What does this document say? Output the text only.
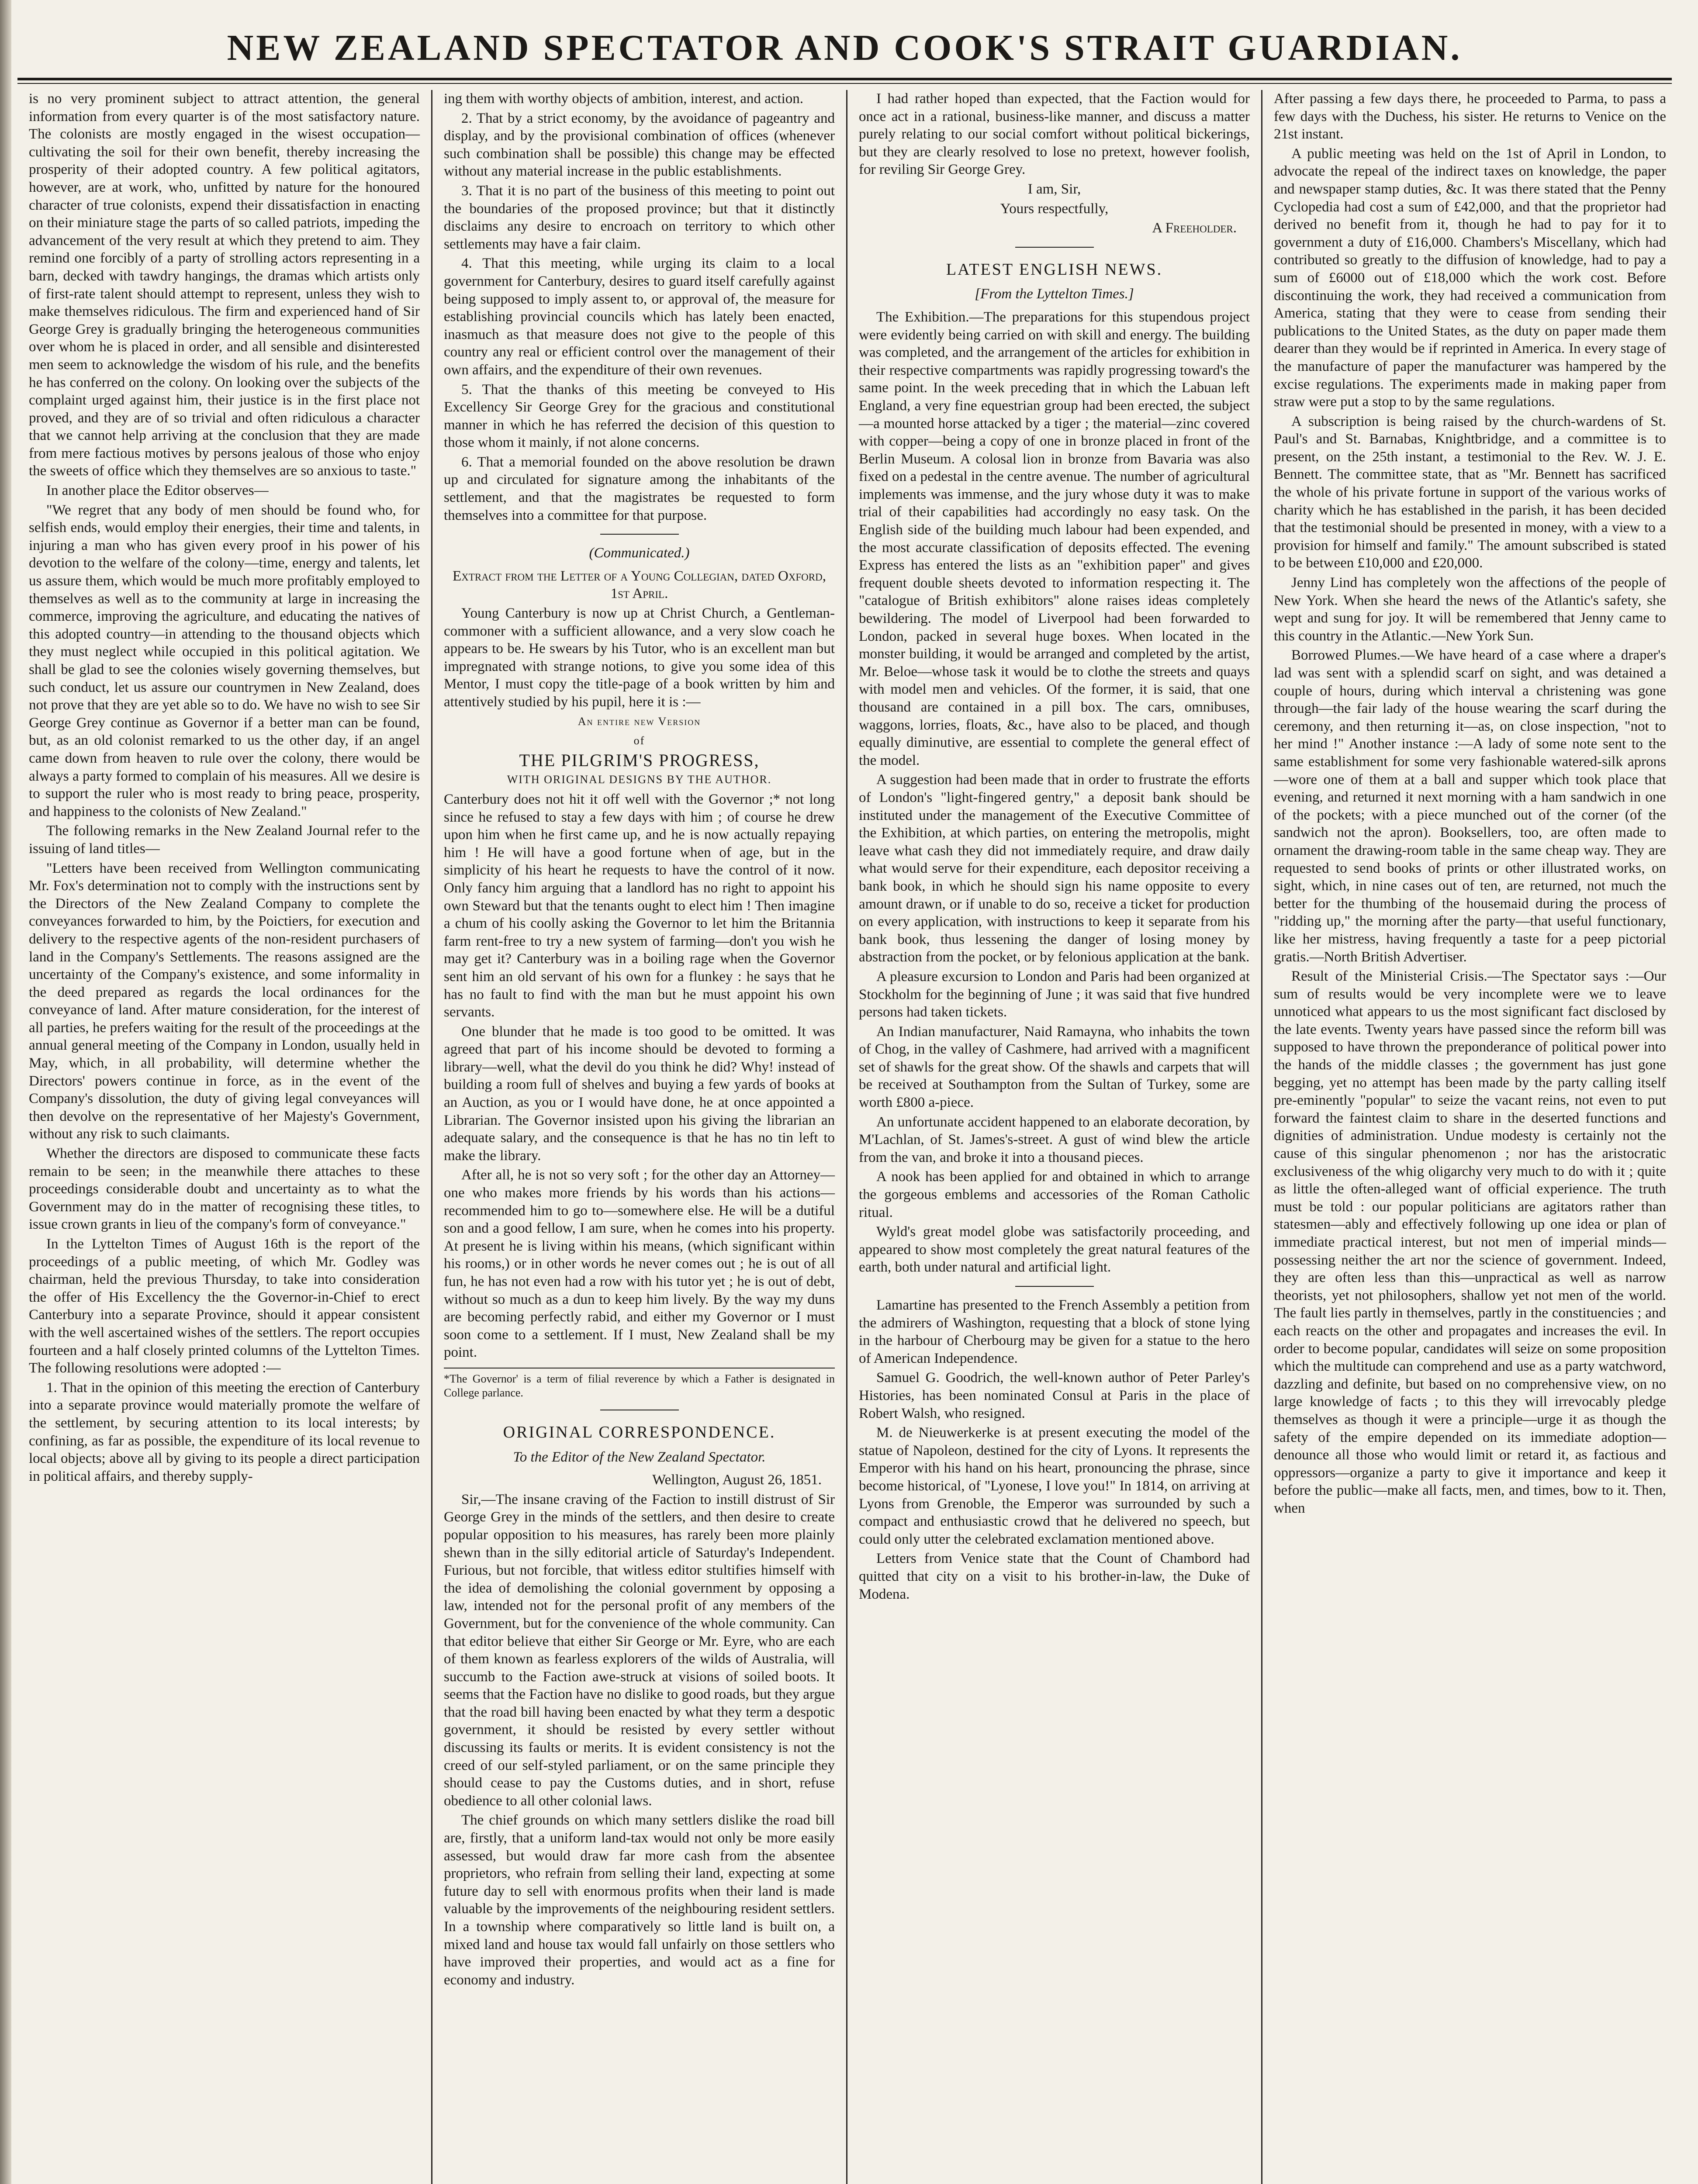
NEW ZEALAND SPECTATOR AND COOK'S STRAIT GUARDIAN.

is no very prominent subject to attract attention, the general information from every quarter is of the most satisfactory nature. The colonists are mostly engaged in the wisest occupation—cultivating the soil for their own benefit, thereby increasing the prosperity of their adopted country. A few political agitators, however, are at work, who, unfitted by nature for the honoured character of true colonists, expend their dissatisfaction in enacting on their miniature stage the parts of so called patriots, impeding the advancement of the very result at which they pretend to aim. They remind one forcibly of a party of strolling actors representing in a barn, decked with tawdry hangings, the dramas which artists only of first-rate talent should attempt to represent, unless they wish to make themselves ridiculous. The firm and experienced hand of Sir George Grey is gradually bringing the heterogeneous communities over whom he is placed in order, and all sensible and disinterested men seem to acknowledge the wisdom of his rule, and the benefits he has conferred on the colony. On looking over the subjects of the complaint urged against him, their justice is in the first place not proved, and they are of so trivial and often ridiculous a character that we cannot help arriving at the conclusion that they are made from mere factious motives by persons jealous of those who enjoy the sweets of office which they themselves are so anxious to taste."

In another place the Editor observes—

"We regret that any body of men should be found who, for selfish ends, would employ their energies, their time and talents, in injuring a man who has given every proof in his power of his devotion to the welfare of the colony—time, energy and talents, let us assure them, which would be much more profitably employed to themselves as well as to the community at large in increasing the commerce, improving the agriculture, and educating the natives of this adopted country—in attending to the thousand objects which they must neglect while occupied in this political agitation. We shall be glad to see the colonies wisely governing themselves, but such conduct, let us assure our countrymen in New Zealand, does not prove that they are yet able so to do. We have no wish to see Sir George Grey continue as Governor if a better man can be found, but, as an old colonist remarked to us the other day, if an angel came down from heaven to rule over the colony, there would be always a party formed to complain of his measures. All we desire is to support the ruler who is most ready to bring peace, prosperity, and happiness to the colonists of New Zealand."

The following remarks in the New Zealand Journal refer to the issuing of land titles—

"Letters have been received from Wellington communicating Mr. Fox's determination not to comply with the instructions sent by the Directors of the New Zealand Company to complete the conveyances forwarded to him, by the Poictiers, for execution and delivery to the respective agents of the non-resident purchasers of land in the Company's Settlements. The reasons assigned are the uncertainty of the Company's existence, and some informality in the deed prepared as regards the local ordinances for the conveyance of land. After mature consideration, for the interest of all parties, he prefers waiting for the result of the proceedings at the annual general meeting of the Company in London, usually held in May, which, in all probability, will determine whether the Directors' powers continue in force, as in the event of the Company's dissolution, the duty of giving legal conveyances will then devolve on the representative of her Majesty's Government, without any risk to such claimants.

Whether the directors are disposed to communicate these facts remain to be seen; in the meanwhile there attaches to these proceedings considerable doubt and uncertainty as to what the Government may do in the matter of recognising these titles, to issue crown grants in lieu of the company's form of conveyance."

In the Lyttelton Times of August 16th is the report of the proceedings of a public meeting, of which Mr. Godley was chairman, held the previous Thursday, to take into consideration the offer of His Excellency the the Governor-in-Chief to erect Canterbury into a separate Province, should it appear consistent with the well ascertained wishes of the settlers. The report occupies fourteen and a half closely printed columns of the Lyttelton Times. The following resolutions were adopted :—

1. That in the opinion of this meeting the erection of Canterbury into a separate province would materially promote the welfare of the settlement, by securing attention to its local interests; by confining, as far as possible, the expenditure of its local revenue to local objects; above all by giving to its people a direct participation in political affairs, and thereby supply-

ing them with worthy objects of ambition, interest, and action.
2. That by a strict economy, by the avoidance of pageantry and display, and by the provisional combination of offices (whenever such combination shall be possible) this change may be effected without any material increase in the public establishments.
3. That it is no part of the business of this meeting to point out the boundaries of the proposed province; but that it distinctly disclaims any desire to encroach on territory to which other settlements may have a fair claim.
4. That this meeting, while urging its claim to a local government for Canterbury, desires to guard itself carefully against being supposed to imply assent to, or approval of, the measure for establishing provincial councils which has lately been enacted, inasmuch as that measure does not give to the people of this country any real or efficient control over the management of their own affairs, and the expenditure of their own revenues.
5. That the thanks of this meeting be conveyed to His Excellency Sir George Grey for the gracious and constitutional manner in which he has referred the decision of this question to those whom it mainly, if not alone concerns.
6. That a memorial founded on the above resolution be drawn up and circulated for signature among the inhabitants of the settlement, and that the magistrates be requested to form themselves into a committee for that purpose.
(Communicated.)

Extract from the Letter of a Young Collegian, dated Oxford, 1st April.

Young Canterbury is now up at Christ Church, a Gentleman-commoner with a sufficient allowance, and a very slow coach he appears to be. He swears by his Tutor, who is an excellent man but impregnated with strange notions, to give you some idea of this Mentor, I must copy the title-page of a book written by him and attentively studied by his pupil, here it is :—

An entire new Version
of
THE PILGRIM'S PROGRESS,
WITH ORIGINAL DESIGNS BY THE AUTHOR.

Canterbury does not hit it off well with the Governor ;* not long since he refused to stay a few days with him ; of course he drew upon him when he first came up, and he is now actually repaying him ! He will have a good fortune when of age, but in the simplicity of his heart he requests to have the control of it now. Only fancy him arguing that a landlord has no right to appoint his own Steward but that the tenants ought to elect him ! Then imagine a chum of his coolly asking the Governor to let him the Britannia farm rent-free to try a new system of farming—don't you wish he may get it? Canterbury was in a boiling rage when the Governor sent him an old servant of his own for a flunkey : he says that he has no fault to find with the man but he must appoint his own servants.

One blunder that he made is too good to be omitted. It was agreed that part of his income should be devoted to forming a library—well, what the devil do you think he did? Why! instead of building a room full of shelves and buying a few yards of books at an Auction, as you or I would have done, he at once appointed a Librarian. The Governor insisted upon his giving the librarian an adequate salary, and the consequence is that he has no tin left to make the library.

After all, he is not so very soft ; for the other day an Attorney—one who makes more friends by his words than his actions—recommended him to go to—somewhere else. He will be a dutiful son and a good fellow, I am sure, when he comes into his property. At present he is living within his means, (which significant within his rooms,) or in other words he never comes out ; he is out of all fun, he has not even had a row with his tutor yet ; he is out of debt, without so much as a dun to keep him lively. By the way my duns are becoming perfectly rabid, and either my Governor or I must soon come to a settlement. If I must, New Zealand shall be my point.

*The Governor' is a term of filial reverence by which a Father is designated in College parlance.
ORIGINAL CORRESPONDENCE.
To the Editor of the New Zealand Spectator.

Wellington, August 26, 1851.

Sir,—The insane craving of the Faction to instill distrust of Sir George Grey in the minds of the settlers, and then desire to create popular opposition to his measures, has rarely been more plainly shewn than in the silly editorial article of Saturday's Independent. Furious, but not forcible, that witless editor stultifies himself with the idea of demolishing the colonial government by opposing a law, intended not for the personal profit of any members of the Government, but for the convenience of the whole community. Can that editor believe that either Sir George or Mr. Eyre, who are each of them known as fearless explorers of the wilds of Australia, will succumb to the Faction awe-struck at visions of soiled boots. It seems that the Faction have no dislike to good roads, but they argue that the road bill having been enacted by what they term a despotic government, it should be resisted by every settler without discussing its faults or merits. It is evident consistency is not the creed of our self-styled parliament, or on the same principle they should cease to pay the Customs duties, and in short, refuse obedience to all other colonial laws.

The chief grounds on which many settlers dislike the road bill are, firstly, that a uniform land-tax would not only be more easily assessed, but would draw far more cash from the absentee proprietors, who refrain from selling their land, expecting at some future day to sell with enormous profits when their land is made valuable by the improvements of the neighbouring resident settlers. In a township where comparatively so little land is built on, a mixed land and house tax would fall unfairly on those settlers who have improved their properties, and would act as a fine for economy and industry.

I had rather hoped than expected, that the Faction would for once act in a rational, business-like manner, and discuss a matter purely relating to our social comfort without political bickerings, but they are clearly resolved to lose no pretext, however foolish, for reviling Sir George Grey.

I am, Sir,

Yours respectfully,

A Freeholder.

LATEST ENGLISH NEWS.
[From the Lyttelton Times.]

The Exhibition.—The preparations for this stupendous project were evidently being carried on with skill and energy. The building was completed, and the arrangement of the articles for exhibition in their respective compartments was rapidly progressing toward's the same point. In the week preceding that in which the Labuan left England, a very fine equestrian group had been erected, the subject—a mounted horse attacked by a tiger ; the material—zinc covered with copper—being a copy of one in bronze placed in front of the Berlin Museum. A colosal lion in bronze from Bavaria was also fixed on a pedestal in the centre avenue. The number of agricultural implements was immense, and the jury whose duty it was to make trial of their capabilities had accordingly no easy task. On the English side of the building much labour had been expended, and the most accurate classification of deposits effected. The evening Express has entered the lists as an "exhibition paper" and gives frequent double sheets devoted to information respecting it. The "catalogue of British exhibitors" alone raises ideas completely bewildering. The model of Liverpool had been forwarded to London, packed in several huge boxes. When located in the monster building, it would be arranged and completed by the artist, Mr. Beloe—whose task it would be to clothe the streets and quays with model men and vehicles. Of the former, it is said, that one thousand are contained in a pill box. The cars, omnibuses, waggons, lorries, floats, &c., have also to be placed, and though equally diminutive, are essential to complete the general effect of the model.

A suggestion had been made that in order to frustrate the efforts of London's "light-fingered gentry," a deposit bank should be instituted under the management of the Executive Committee of the Exhibition, at which parties, on entering the metropolis, might leave what cash they did not immediately require, and draw daily what would serve for their expenditure, each depositor receiving a bank book, in which he should sign his name opposite to every amount drawn, or if unable to do so, receive a ticket for production on every application, with instructions to keep it separate from his bank book, thus lessening the danger of losing money by abstraction from the pocket, or by felonious application at the bank.

A pleasure excursion to London and Paris had been organized at Stockholm for the beginning of June ; it was said that five hundred persons had taken tickets.

An Indian manufacturer, Naid Ramayna, who inhabits the town of Chog, in the valley of Cashmere, had arrived with a magnificent set of shawls for the great show. Of the shawls and carpets that will be received at Southampton from the Sultan of Turkey, some are worth £800 a-piece.

An unfortunate accident happened to an elaborate decoration, by M'Lachlan, of St. James's-street. A gust of wind blew the article from the van, and broke it into a thousand pieces.

A nook has been applied for and obtained in which to arrange the gorgeous emblems and accessories of the Roman Catholic ritual.

Wyld's great model globe was satisfactorily proceeding, and appeared to show most completely the great natural features of the earth, both under natural and artificial light.

Lamartine has presented to the French Assembly a petition from the admirers of Washington, requesting that a block of stone lying in the harbour of Cherbourg may be given for a statue to the hero of American Independence.

Samuel G. Goodrich, the well-known author of Peter Parley's Histories, has been nominated Consul at Paris in the place of Robert Walsh, who resigned.

M. de Nieuwerkerke is at present executing the model of the statue of Napoleon, destined for the city of Lyons. It represents the Emperor with his hand on his heart, pronouncing the phrase, since become historical, of "Lyonese, I love you!" In 1814, on arriving at Lyons from Grenoble, the Emperor was surrounded by such a compact and enthusiastic crowd that he delivered no speech, but could only utter the celebrated exclamation mentioned above.

Letters from Venice state that the Count of Chambord had quitted that city on a visit to his brother-in-law, the Duke of Modena.

After passing a few days there, he proceeded to Parma, to pass a few days with the Duchess, his sister. He returns to Venice on the 21st instant.

A public meeting was held on the 1st of April in London, to advocate the repeal of the indirect taxes on knowledge, the paper and newspaper stamp duties, &c. It was there stated that the Penny Cyclopedia had cost a sum of £42,000, and that the proprietor had derived no benefit from it, though he had to pay for it to government a duty of £16,000. Chambers's Miscellany, which had contributed so greatly to the diffusion of knowledge, had to pay a sum of £6000 out of £18,000 which the work cost. Before discontinuing the work, they had received a communication from America, stating that they were to cease from sending their publications to the United States, as the duty on paper made them dearer than they would be if reprinted in America. In every stage of the manufacture of paper the manufacturer was hampered by the excise regulations. The experiments made in making paper from straw were put a stop to by the same regulations.

A subscription is being raised by the church-wardens of St. Paul's and St. Barnabas, Knightbridge, and a committee is to present, on the 25th instant, a testimonial to the Rev. W. J. E. Bennett. The committee state, that as "Mr. Bennett has sacrificed the whole of his private fortune in support of the various works of charity which he has established in the parish, it has been decided that the testimonial should be presented in money, with a view to a provision for himself and family." The amount subscribed is stated to be between £10,000 and £20,000.

Jenny Lind has completely won the affections of the people of New York. When she heard the news of the Atlantic's safety, she wept and sung for joy. It will be remembered that Jenny came to this country in the Atlantic.—New York Sun.

Borrowed Plumes.—We have heard of a case where a draper's lad was sent with a splendid scarf on sight, and was detained a couple of hours, during which interval a christening was gone through—the fair lady of the house wearing the scarf during the ceremony, and then returning it—as, on close inspection, "not to her mind !" Another instance :—A lady of some note sent to the same establishment for some very fashionable watered-silk aprons—wore one of them at a ball and supper which took place that evening, and returned it next morning with a ham sandwich in one of the pockets; with a piece munched out of the corner (of the sandwich not the apron). Booksellers, too, are often made to ornament the drawing-room table in the same cheap way. They are requested to send books of prints or other illustrated works, on sight, which, in nine cases out of ten, are returned, not much the better for the thumbing of the housemaid during the process of "ridding up," the morning after the party—that useful functionary, like her mistress, having frequently a taste for a peep pictorial gratis.—North British Advertiser.

Result of the Ministerial Crisis.—The Spectator says :—Our sum of results would be very incomplete were we to leave unnoticed what appears to us the most significant fact disclosed by the late events. Twenty years have passed since the reform bill was supposed to have thrown the preponderance of political power into the hands of the middle classes ; the government has just gone begging, yet no attempt has been made by the party calling itself pre-eminently "popular" to seize the vacant reins, not even to put forward the faintest claim to share in the deserted functions and dignities of administration. Undue modesty is certainly not the cause of this singular phenomenon ; nor has the aristocratic exclusiveness of the whig oligarchy very much to do with it ; quite as little the often-alleged want of official experience. The truth must be told : our popular politicians are agitators rather than statesmen—ably and effectively following up one idea or plan of immediate practical interest, but not men of imperial minds—possessing neither the art nor the science of government. Indeed, they are often less than this—unpractical as well as narrow theorists, yet not philosophers, shallow yet not men of the world. The fault lies partly in themselves, partly in the constituencies ; and each reacts on the other and propagates and increases the evil. In order to become popular, candidates will seize on some proposition which the multitude can comprehend and use as a party watchword, dazzling and definite, but based on no comprehensive view, on no large knowledge of facts ; to this they will irrevocably pledge themselves as though it were a principle—urge it as though the safety of the empire depended on its immediate adoption—denounce all those who would limit or retard it, as factious and oppressors—organize a party to give it importance and keep it before the public—make all facts, men, and times, bow to it. Then, when
